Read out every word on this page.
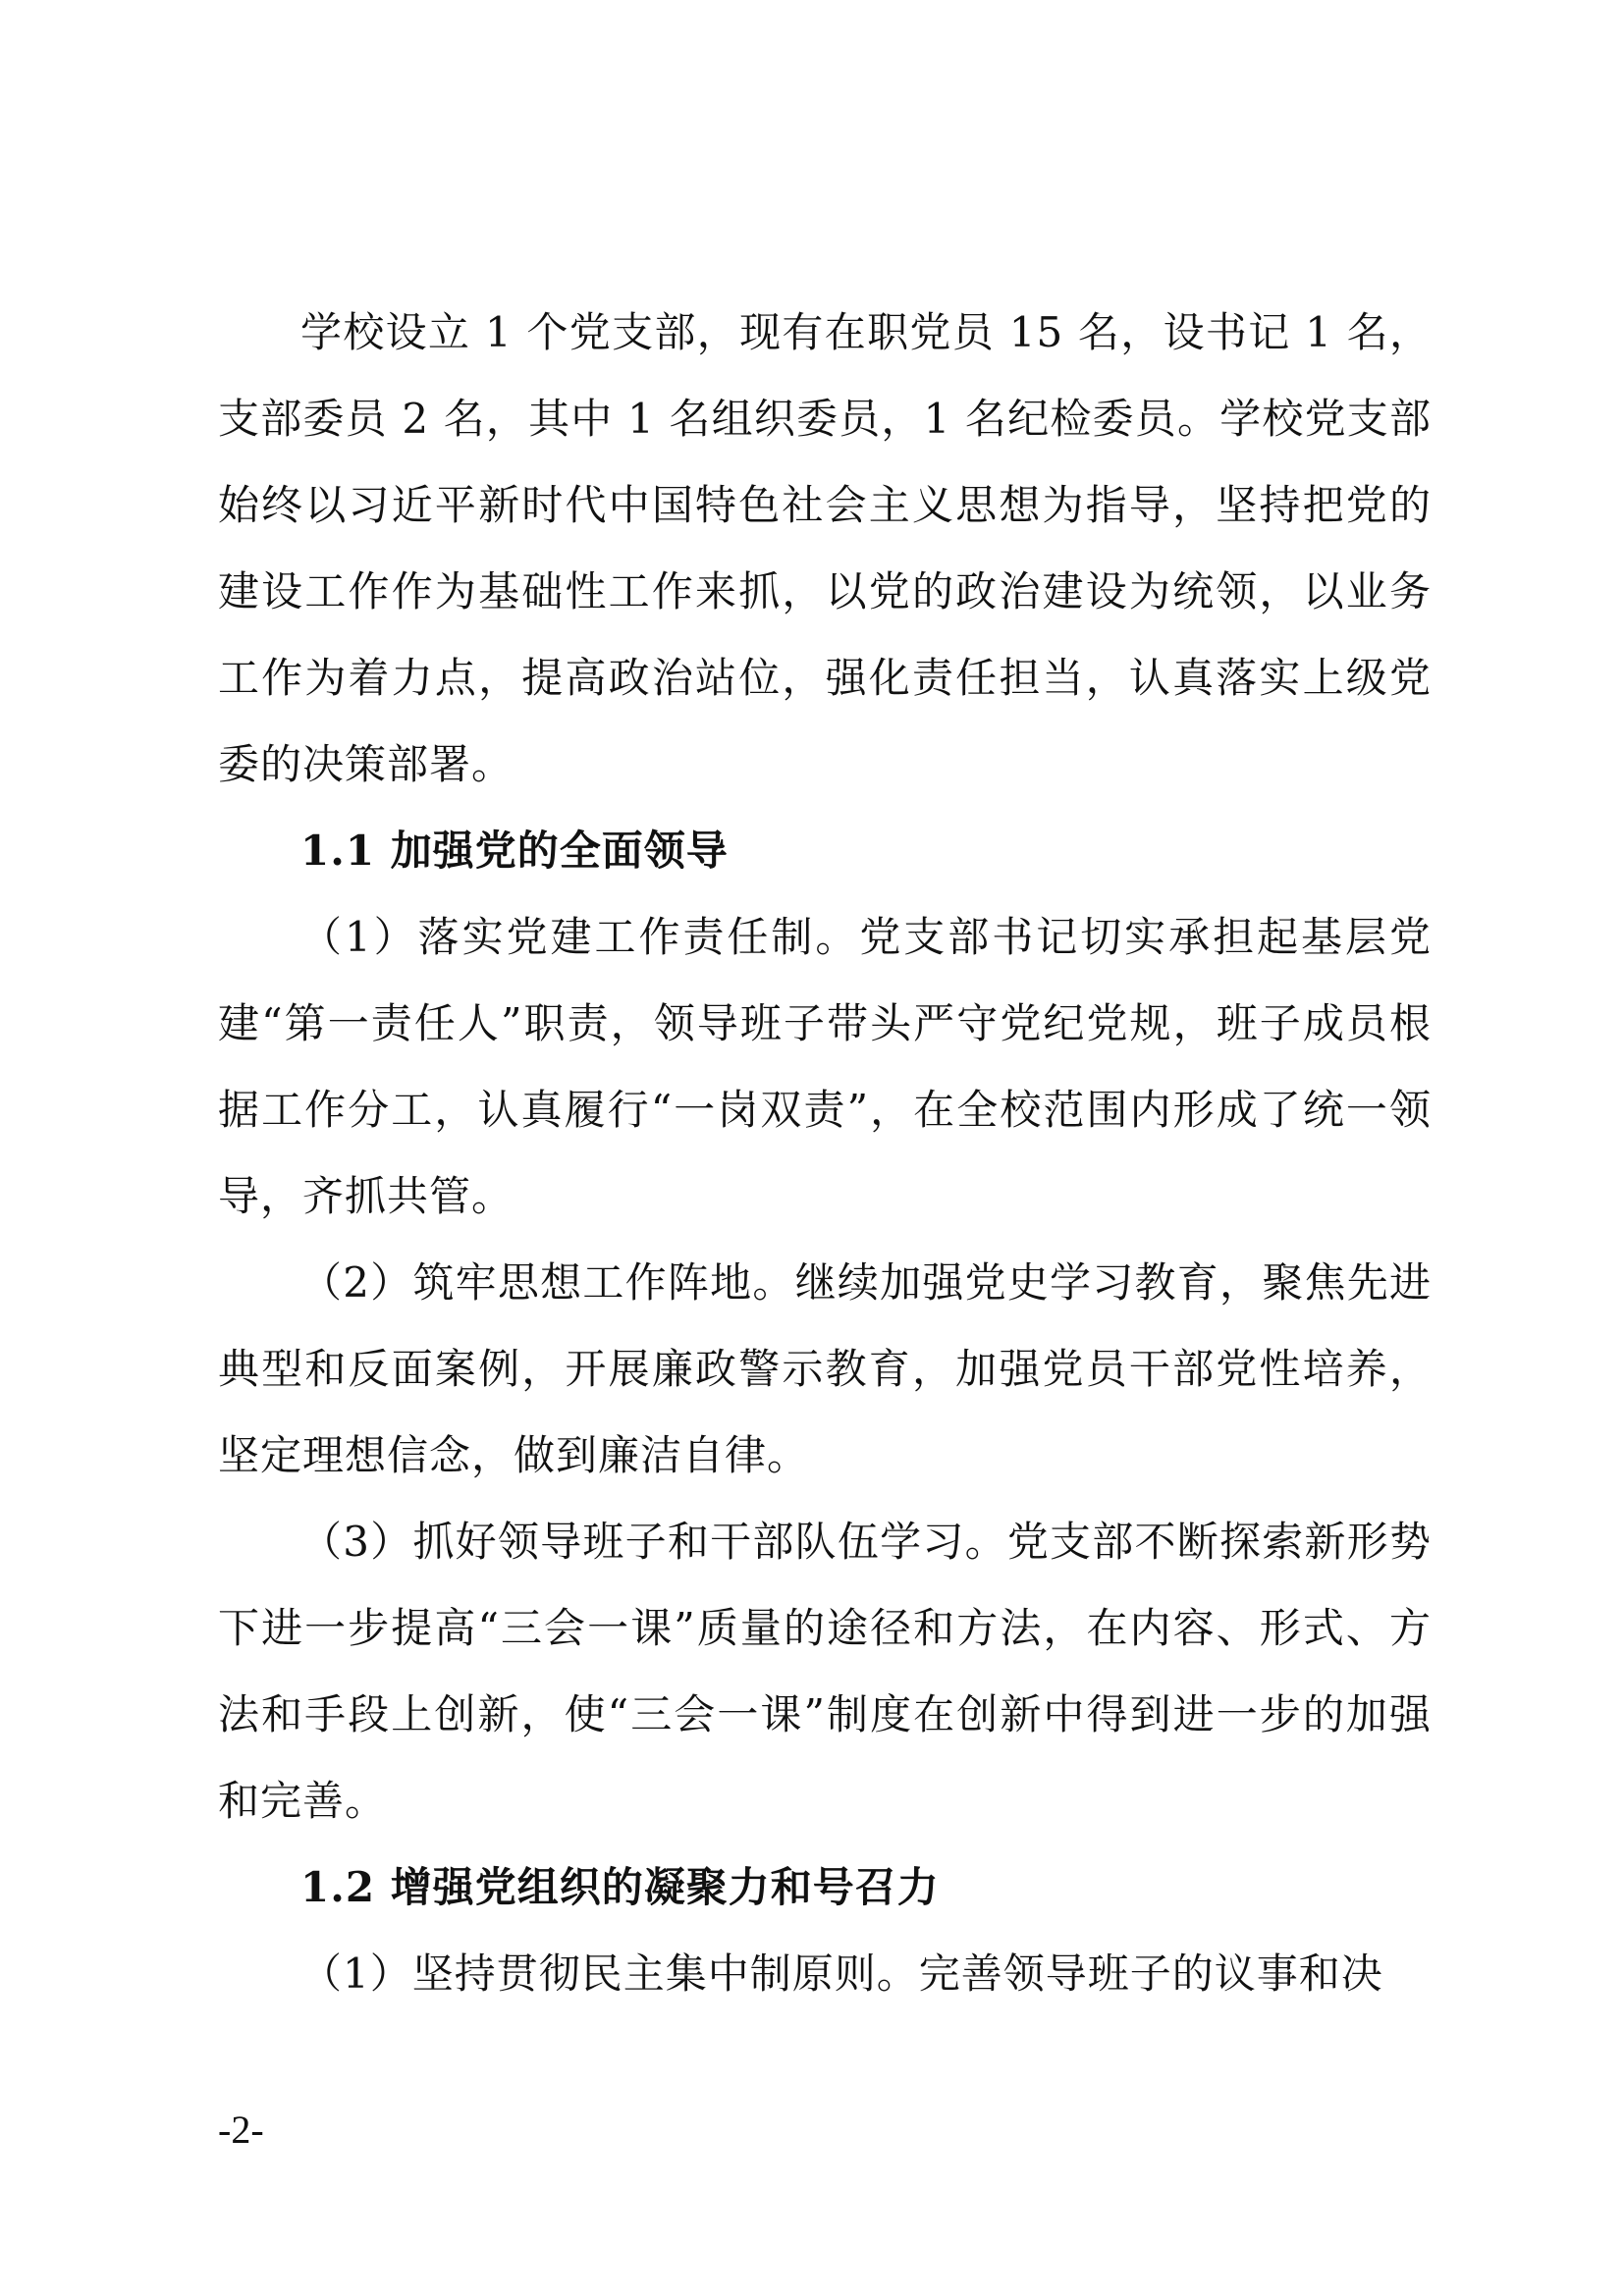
学校设立 1 个党支部，现有在职党员 15 名，设书记 1 名，支部委员 2 名，其中 1 名组织委员，1 名纪检委员。学校党支部始终以习近平新时代中国特色社会主义思想为指导，坚持把党的建设工作作为基础性工作来抓，以党的政治建设为统领，以业务工作为着力点，提高政治站位，强化责任担当，认真落实上级党委的决策部署。

1.1 加强党的全面领导

（1）落实党建工作责任制。党支部书记切实承担起基层党建“第一责任人”职责，领导班子带头严守党纪党规，班子成员根据工作分工，认真履行“一岗双责”，在全校范围内形成了统一领导，齐抓共管。

（2）筑牢思想工作阵地。继续加强党史学习教育，聚焦先进典型和反面案例，开展廉政警示教育，加强党员干部党性培养，坚定理想信念，做到廉洁自律。

（3）抓好领导班子和干部队伍学习。党支部不断探索新形势下进一步提高“三会一课”质量的途径和方法，在内容、形式、方法和手段上创新，使“三会一课”制度在创新中得到进一步的加强和完善。

1.2 增强党组织的凝聚力和号召力

（1）坚持贯彻民主集中制原则。完善领导班子的议事和决

-2-
